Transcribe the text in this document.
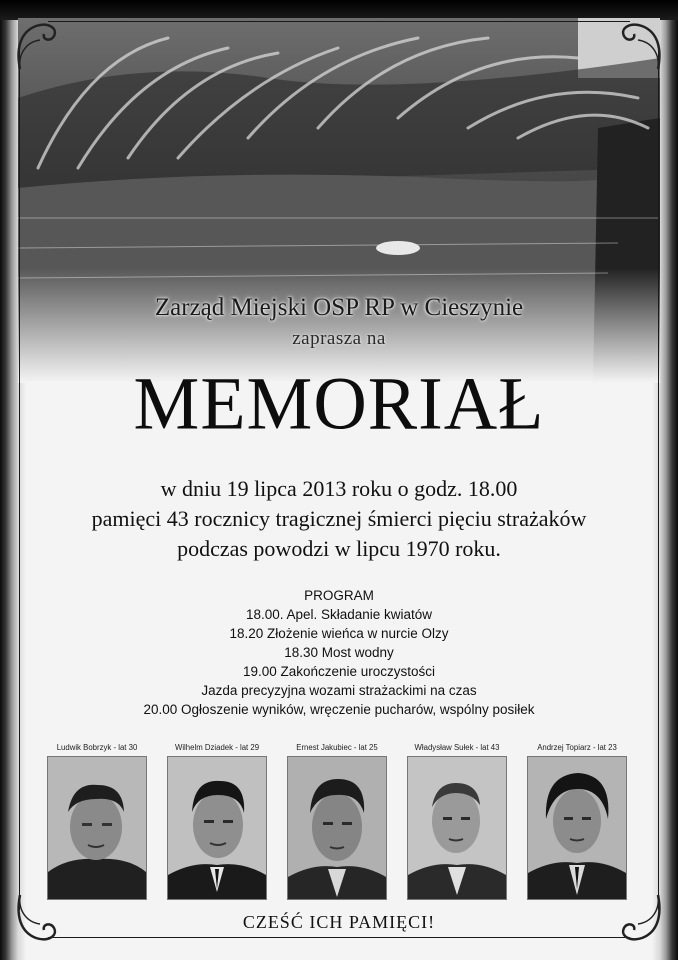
Zarząd Miejski OSP RP w Cieszynie
zaprasza na
MEMORIAŁ
w dniu 19 lipca 2013 roku o godz. 18.00
pamięci 43 rocznicy tragicznej śmierci pięciu strażaków
podczas powodzi w lipcu 1970 roku.
PROGRAM
18.00. Apel. Składanie kwiatów
18.20 Złożenie wieńca w nurcie Olzy
18.30 Most wodny
19.00 Zakończenie uroczystości
Jazda precyzyjna wozami strażackimi na czas
20.00 Ogłoszenie wyników, wręczenie pucharów, wspólny posiłek
Ludwik Bobrzyk - lat 30	Wilhelm Dziadek - lat 29	Ernest Jakubiec - lat 25	Władysław Sułek - lat 43	Andrzej Topiarz - lat 23
CZEŚĆ ICH PAMIĘCI!
